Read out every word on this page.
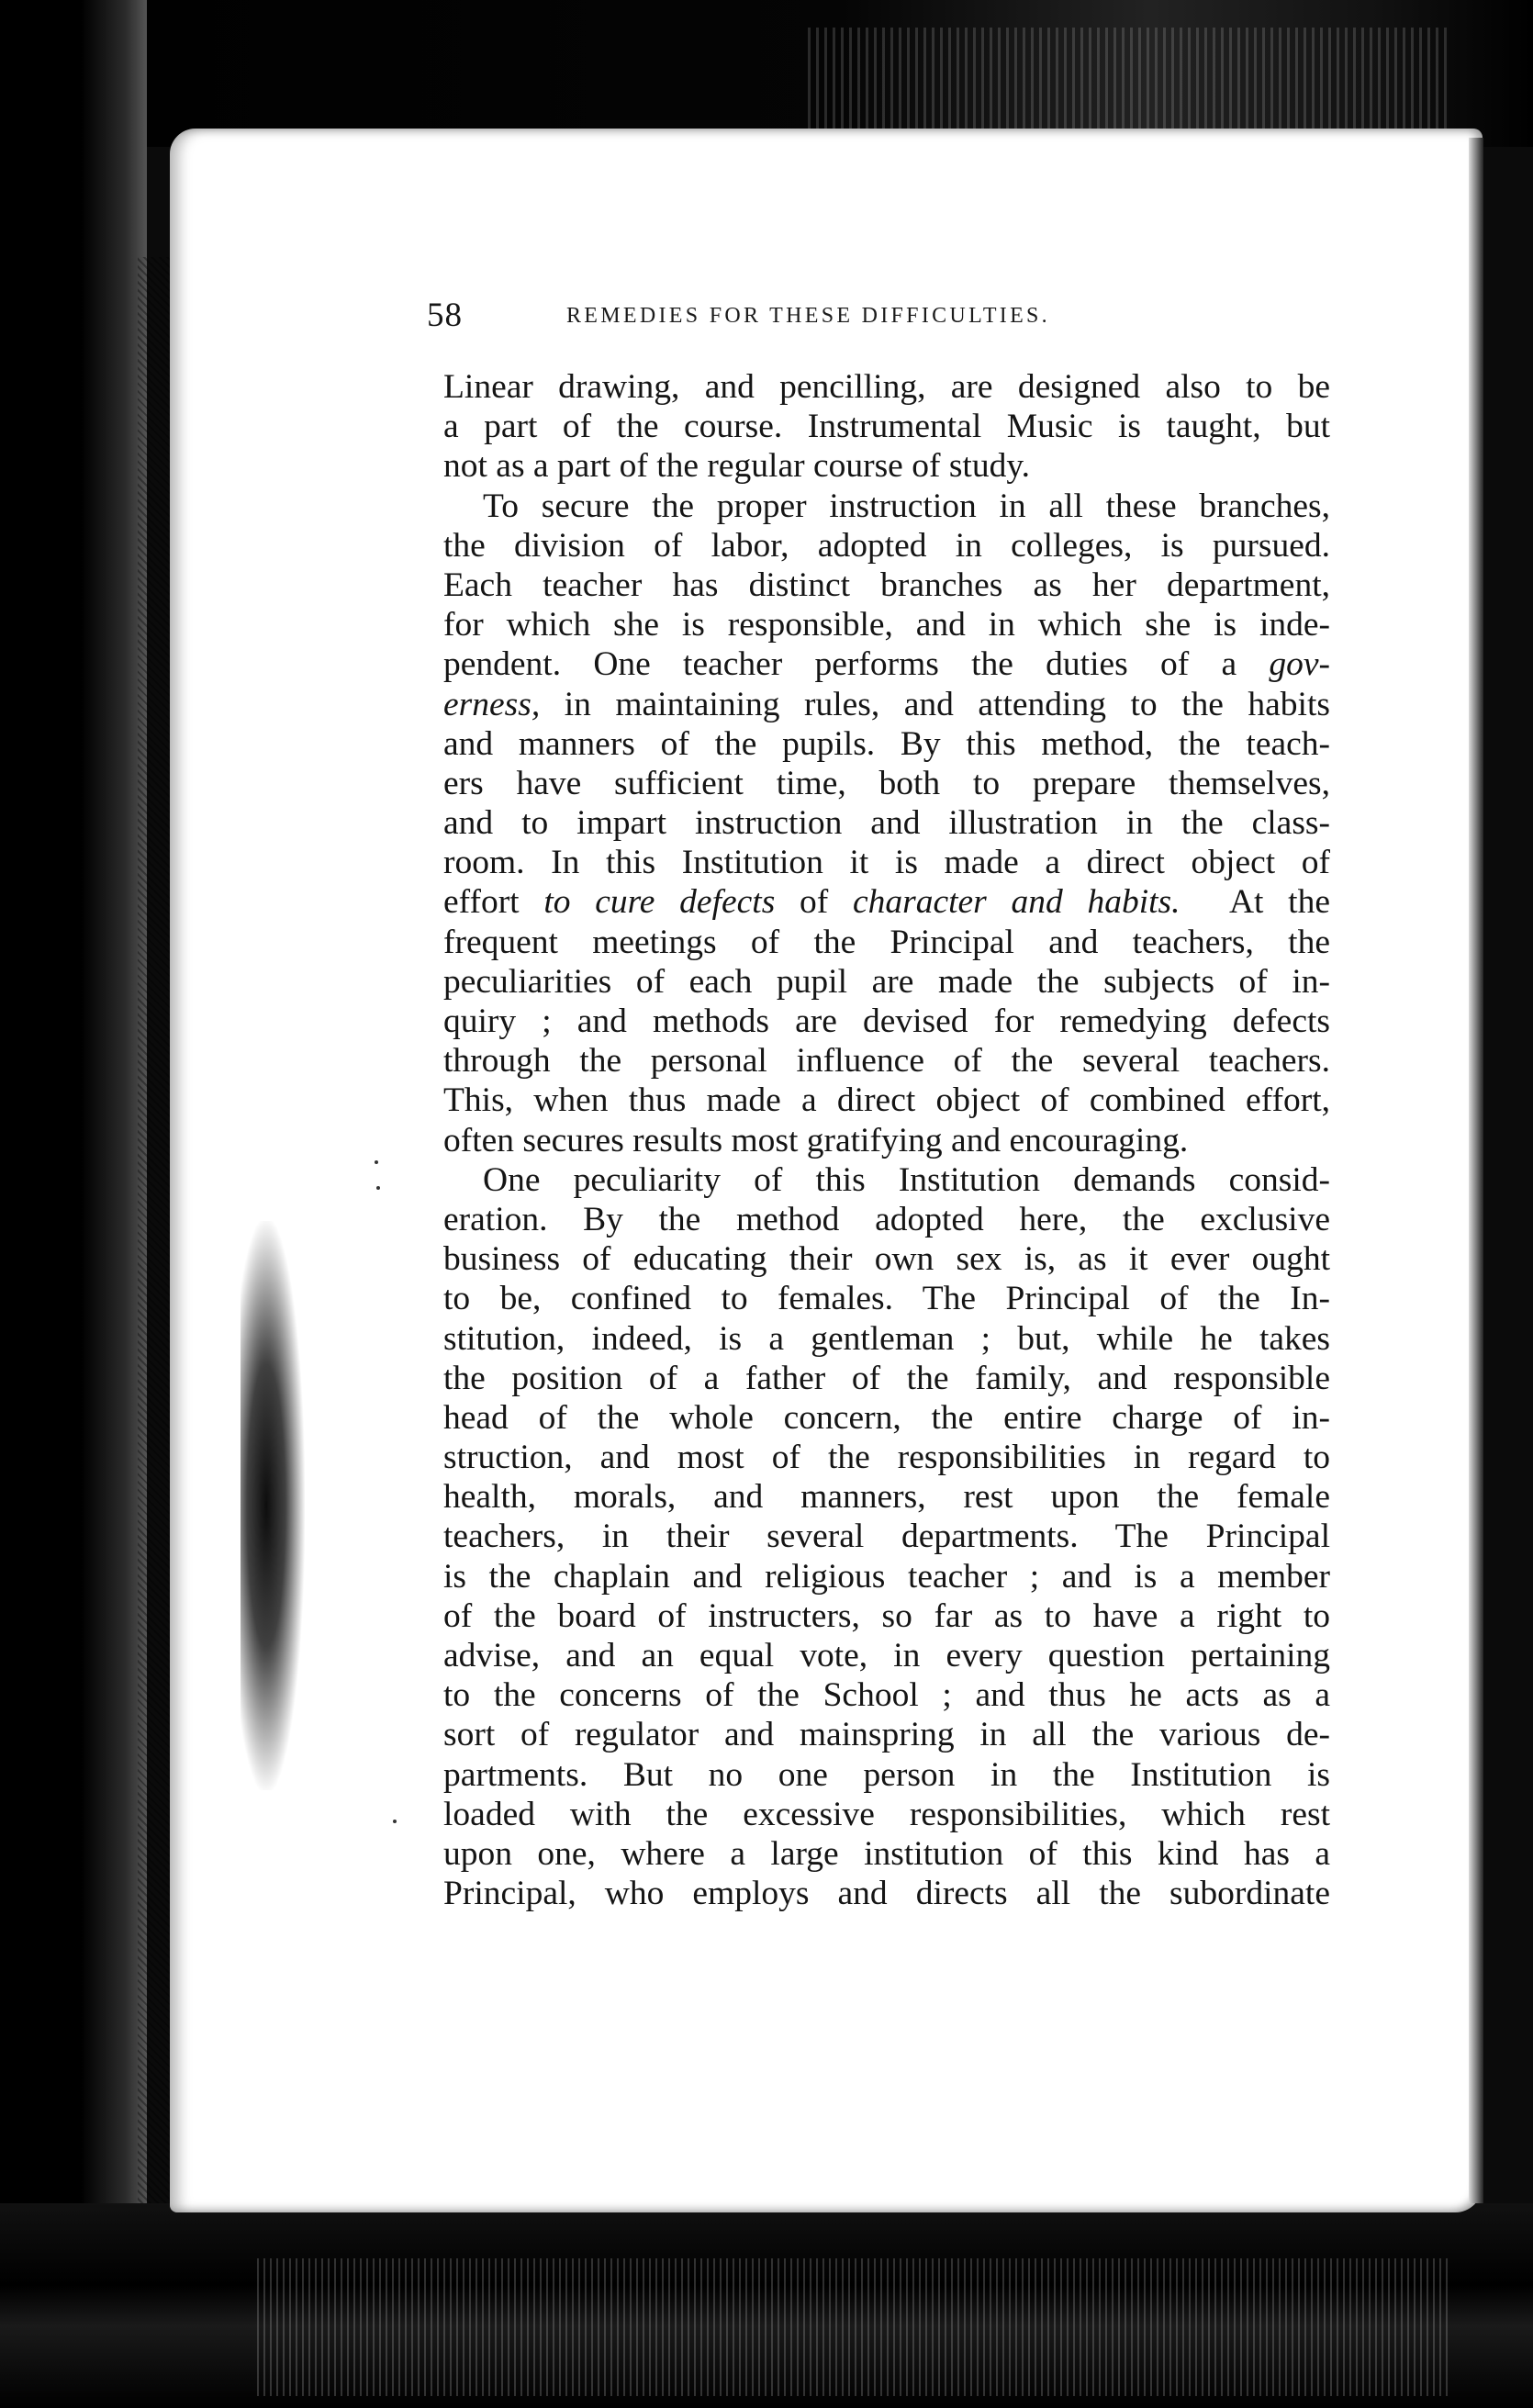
58	REMEDIES FOR THESE DIFFICULTIES.
Linear drawing, and pencilling, are designed also to be
a part of the course. Instrumental Music is taught, but
not as a part of the regular course of study.
To secure the proper instruction in all these branches,
the division of labor, adopted in colleges, is pursued.
Each teacher has distinct branches as her department,
for which she is responsible, and in which she is inde-
pendent. One teacher performs the duties of a gov-
erness, in maintaining rules, and attending to the habits
and manners of the pupils. By this method, the teach-
ers have sufficient time, both to prepare themselves,
and to impart instruction and illustration in the class-
room. In this Institution it is made a direct object of
effort to cure defects of character and habits. At the
frequent meetings of the Principal and teachers, the
peculiarities of each pupil are made the subjects of in-
quiry ; and methods are devised for remedying defects
through the personal influence of the several teachers.
This, when thus made a direct object of combined effort,
often secures results most gratifying and encouraging.
One peculiarity of this Institution demands consid-
eration. By the method adopted here, the exclusive
business of educating their own sex is, as it ever ought
to be, confined to females. The Principal of the In-
stitution, indeed, is a gentleman ; but, while he takes
the position of a father of the family, and responsible
head of the whole concern, the entire charge of in-
struction, and most of the responsibilities in regard to
health, morals, and manners, rest upon the female
teachers, in their several departments. The Principal
is the chaplain and religious teacher ; and is a member
of the board of instructers, so far as to have a right to
advise, and an equal vote, in every question pertaining
to the concerns of the School ; and thus he acts as a
sort of regulator and mainspring in all the various de-
partments. But no one person in the Institution is
loaded with the excessive responsibilities, which rest
upon one, where a large institution of this kind has a
Principal, who employs and directs all the subordinate
